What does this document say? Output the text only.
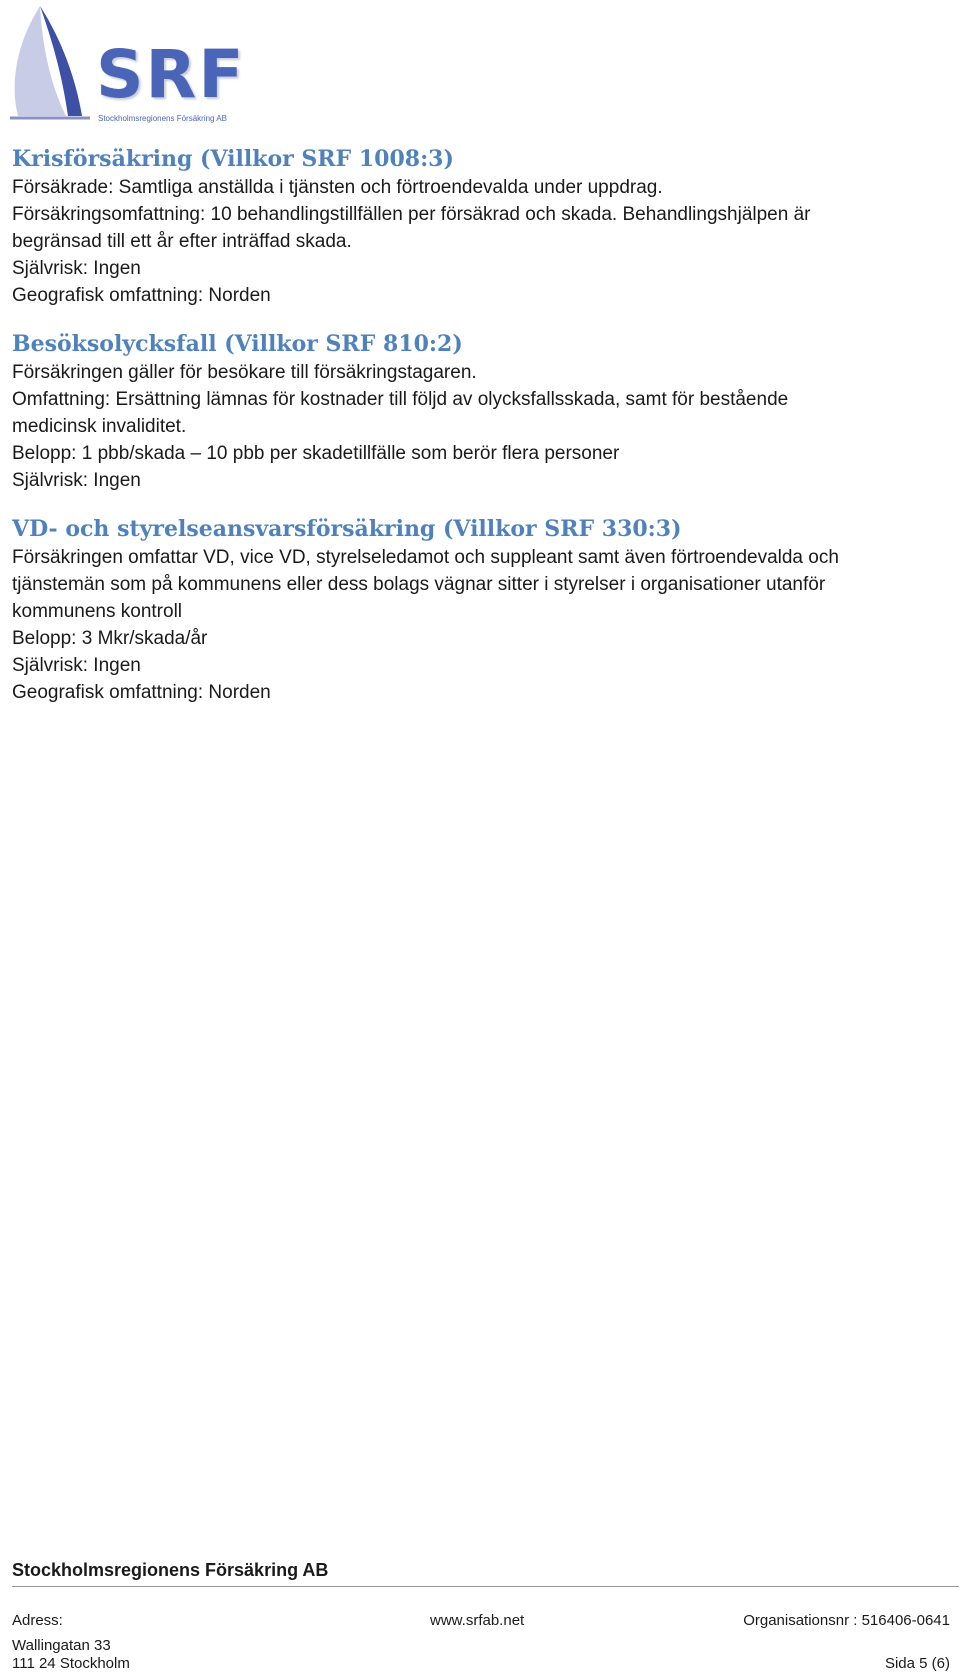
SRF
Stockholmsregionens Försäkring AB
Krisförsäkring (Villkor SRF 1008:3)

Försäkrade: Samtliga anställda i tjänsten och förtroendevalda under uppdrag.

Försäkringsomfattning: 10 behandlingstillfällen per försäkrad och skada. Behandlingshjälpen är

begränsad till ett år efter inträffad skada.

Självrisk: Ingen

Geografisk omfattning: Norden

Besöksolycksfall (Villkor SRF 810:2)

Försäkringen gäller för besökare till försäkringstagaren.

Omfattning: Ersättning lämnas för kostnader till följd av olycksfallsskada, samt för bestående

medicinsk invaliditet.

Belopp: 1 pbb/skada – 10 pbb per skadetillfälle som berör flera personer

Självrisk: Ingen

VD- och styrelseansvarsförsäkring (Villkor SRF 330:3)

Försäkringen omfattar VD, vice VD, styrelseledamot och suppleant samt även förtroendevalda och

tjänstemän som på kommunens eller dess bolags vägnar sitter i styrelser i organisationer utanför

kommunens kontroll

Belopp: 3 Mkr/skada/år

Självrisk: Ingen

Geografisk omfattning: Norden

Stockholmsregionens Försäkring AB
Adress:
Wallingatan 33
111 24 Stockholm
www.srfab.net	Organisationsnr : 516406-0641
Sida 5 (6)
